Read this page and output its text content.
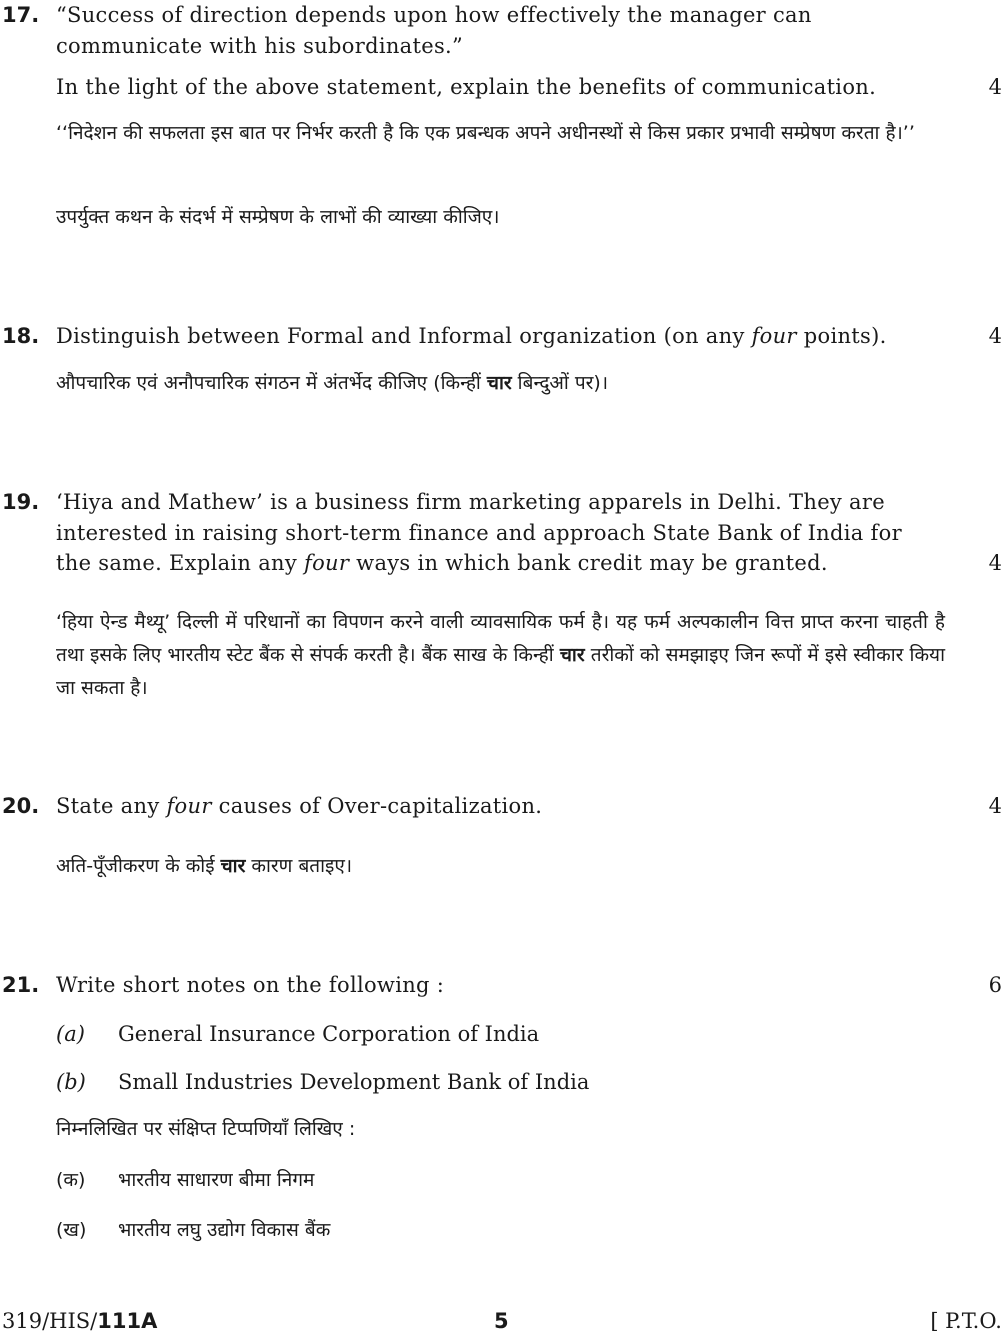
17. “Success of direction depends upon how effectively the manager can
communicate with his subordinates.”
In the light of the above statement, explain the benefits of communication.	4
‘‘निदेशन की सफलता इस बात पर निर्भर करती है कि एक प्रबन्धक अपने अधीनस्थों से किस प्रकार प्रभावी सम्प्रेषण करता है।’’
उपर्युक्त कथन के संदर्भ में सम्प्रेषण के लाभों की व्याख्या कीजिए।
18. Distinguish between Formal and Informal organization (on any four points).	4
औपचारिक एवं अनौपचारिक संगठन में अंतर्भेद कीजिए (किन्हीं चार बिन्दुओं पर)।
19. ‘Hiya and Mathew’ is a business firm marketing apparels in Delhi. They are
interested in raising short-term finance and approach State Bank of India for

the same. Explain any four ways in which bank credit may be granted.	4
‘हिया ऐन्ड मैथ्यू’ दिल्ली में परिधानों का विपणन करने वाली व्यावसायिक फर्म है। यह फर्म अल्पकालीन वित्त प्राप्त करना चाहती है तथा इसके लिए भारतीय स्टेट बैंक से संपर्क करती है। बैंक साख के किन्हीं चार तरीकों को समझाइए जिन रूपों में इसे स्वीकार किया जा सकता है।
20. State any four causes of Over-capitalization.	4
अति-पूँजीकरण के कोई चार कारण बताइए।
21. Write short notes on the following :	6
(a) General Insurance Corporation of India
(b) Small Industries Development Bank of India
निम्नलिखित पर संक्षिप्त टिप्पणियाँ लिखिए :
(क) भारतीय साधारण बीमा निगम
(ख) भारतीय लघु उद्योग विकास बैंक
319/HIS/111A	5	[ P.T.O.
